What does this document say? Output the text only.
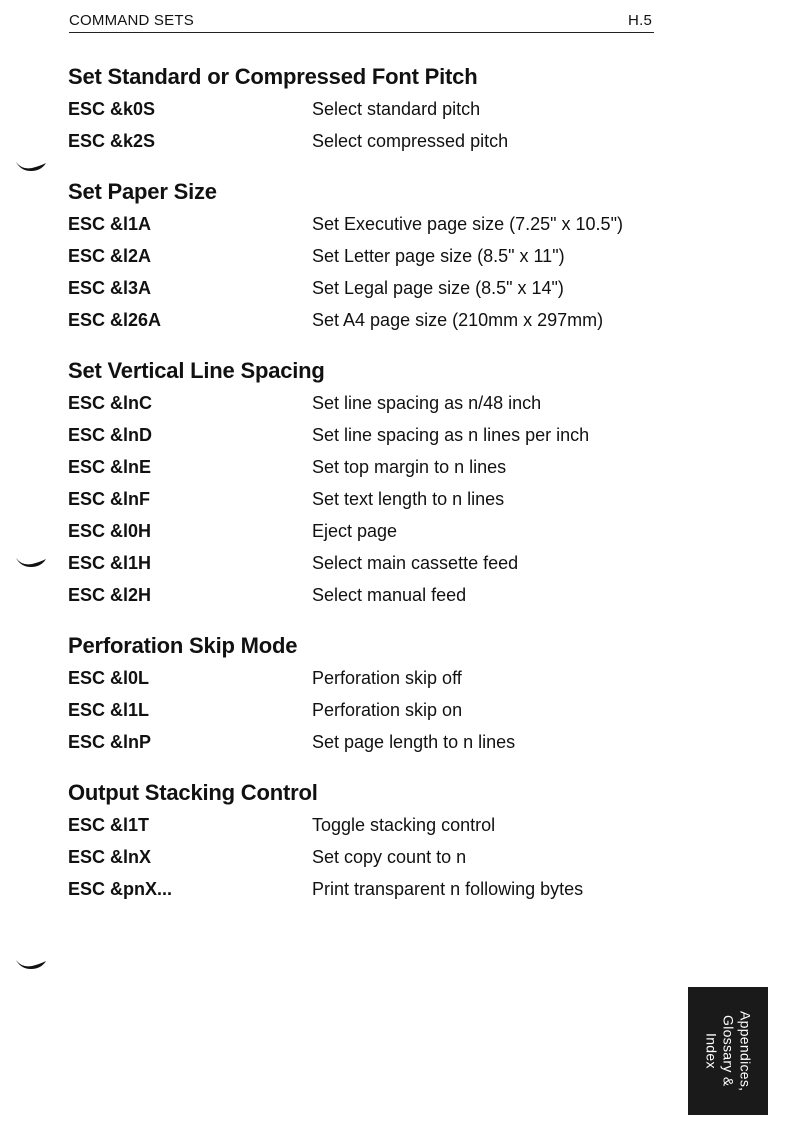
COMMAND SETS	H.5
Set Standard or Compressed Font Pitch
ESC &k0S	Select standard pitch
ESC &k2S	Select compressed pitch
Set Paper Size
ESC &l1A	Set Executive page size (7.25" x 10.5")
ESC &l2A	Set Letter page size (8.5" x 11")
ESC &l3A	Set Legal page size (8.5" x 14")
ESC &l26A	Set A4 page size (210mm x 297mm)
Set Vertical Line Spacing
ESC &lnC	Set line spacing as n/48 inch
ESC &lnD	Set line spacing as n lines per inch
ESC &lnE	Set top margin to n lines
ESC &lnF	Set text length to n lines
ESC &l0H	Eject page
ESC &l1H	Select main cassette feed
ESC &l2H	Select manual feed
Perforation Skip Mode
ESC &l0L	Perforation skip off
ESC &l1L	Perforation skip on
ESC &lnP	Set page length to n lines
Output Stacking Control
ESC &l1T	Toggle stacking control
ESC &lnX	Set copy count to n
ESC &pnX...	Print transparent n following bytes
Appendices,
Glossary &
Index
